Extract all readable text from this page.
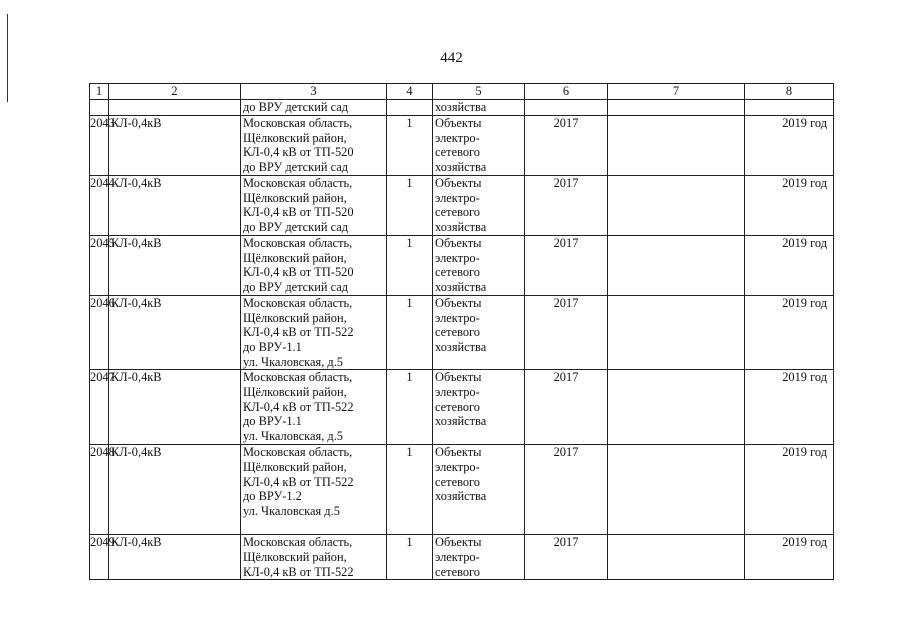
442
1	2	3	4	5	6	7	8
		до ВРУ детский сад		хозяйства			
2043	КЛ-0,4кВ	Московская область,
Щёлковский район,
КЛ-0,4 кВ от ТП-520
до ВРУ детский сад	1	Объекты
электро-
сетевого
хозяйства	2017		2019 год
2044	КЛ-0,4кВ	Московская область,
Щёлковский район,
КЛ-0,4 кВ от ТП-520
до ВРУ детский сад	1	Объекты
электро-
сетевого
хозяйства	2017		2019 год
2045	КЛ-0,4кВ	Московская область,
Щёлковский район,
КЛ-0,4 кВ от ТП-520
до ВРУ детский сад	1	Объекты
электро-
сетевого
хозяйства	2017		2019 год
2046	КЛ-0,4кВ	Московская область,
Щёлковский район,
КЛ-0,4 кВ от ТП-522
до ВРУ-1.1
ул. Чкаловская, д.5	1	Объекты
электро-
сетевого
хозяйства	2017		2019 год
2047	КЛ-0,4кВ	Московская область,
Щёлковский район,
КЛ-0,4 кВ от ТП-522
до ВРУ-1.1
ул. Чкаловская, д.5	1	Объекты
электро-
сетевого
хозяйства	2017		2019 год
2048	КЛ-0,4кВ	Московская область,
Щёлковский район,
КЛ-0,4 кВ от ТП-522
до ВРУ-1.2
ул. Чкаловская д.5	1	Объекты
электро-
сетевого
хозяйства	2017		2019 год
2049	КЛ-0,4кВ	Московская область,
Щёлковский район,
КЛ-0,4 кВ от ТП-522	1	Объекты
электро-
сетевого	2017		2019 год
